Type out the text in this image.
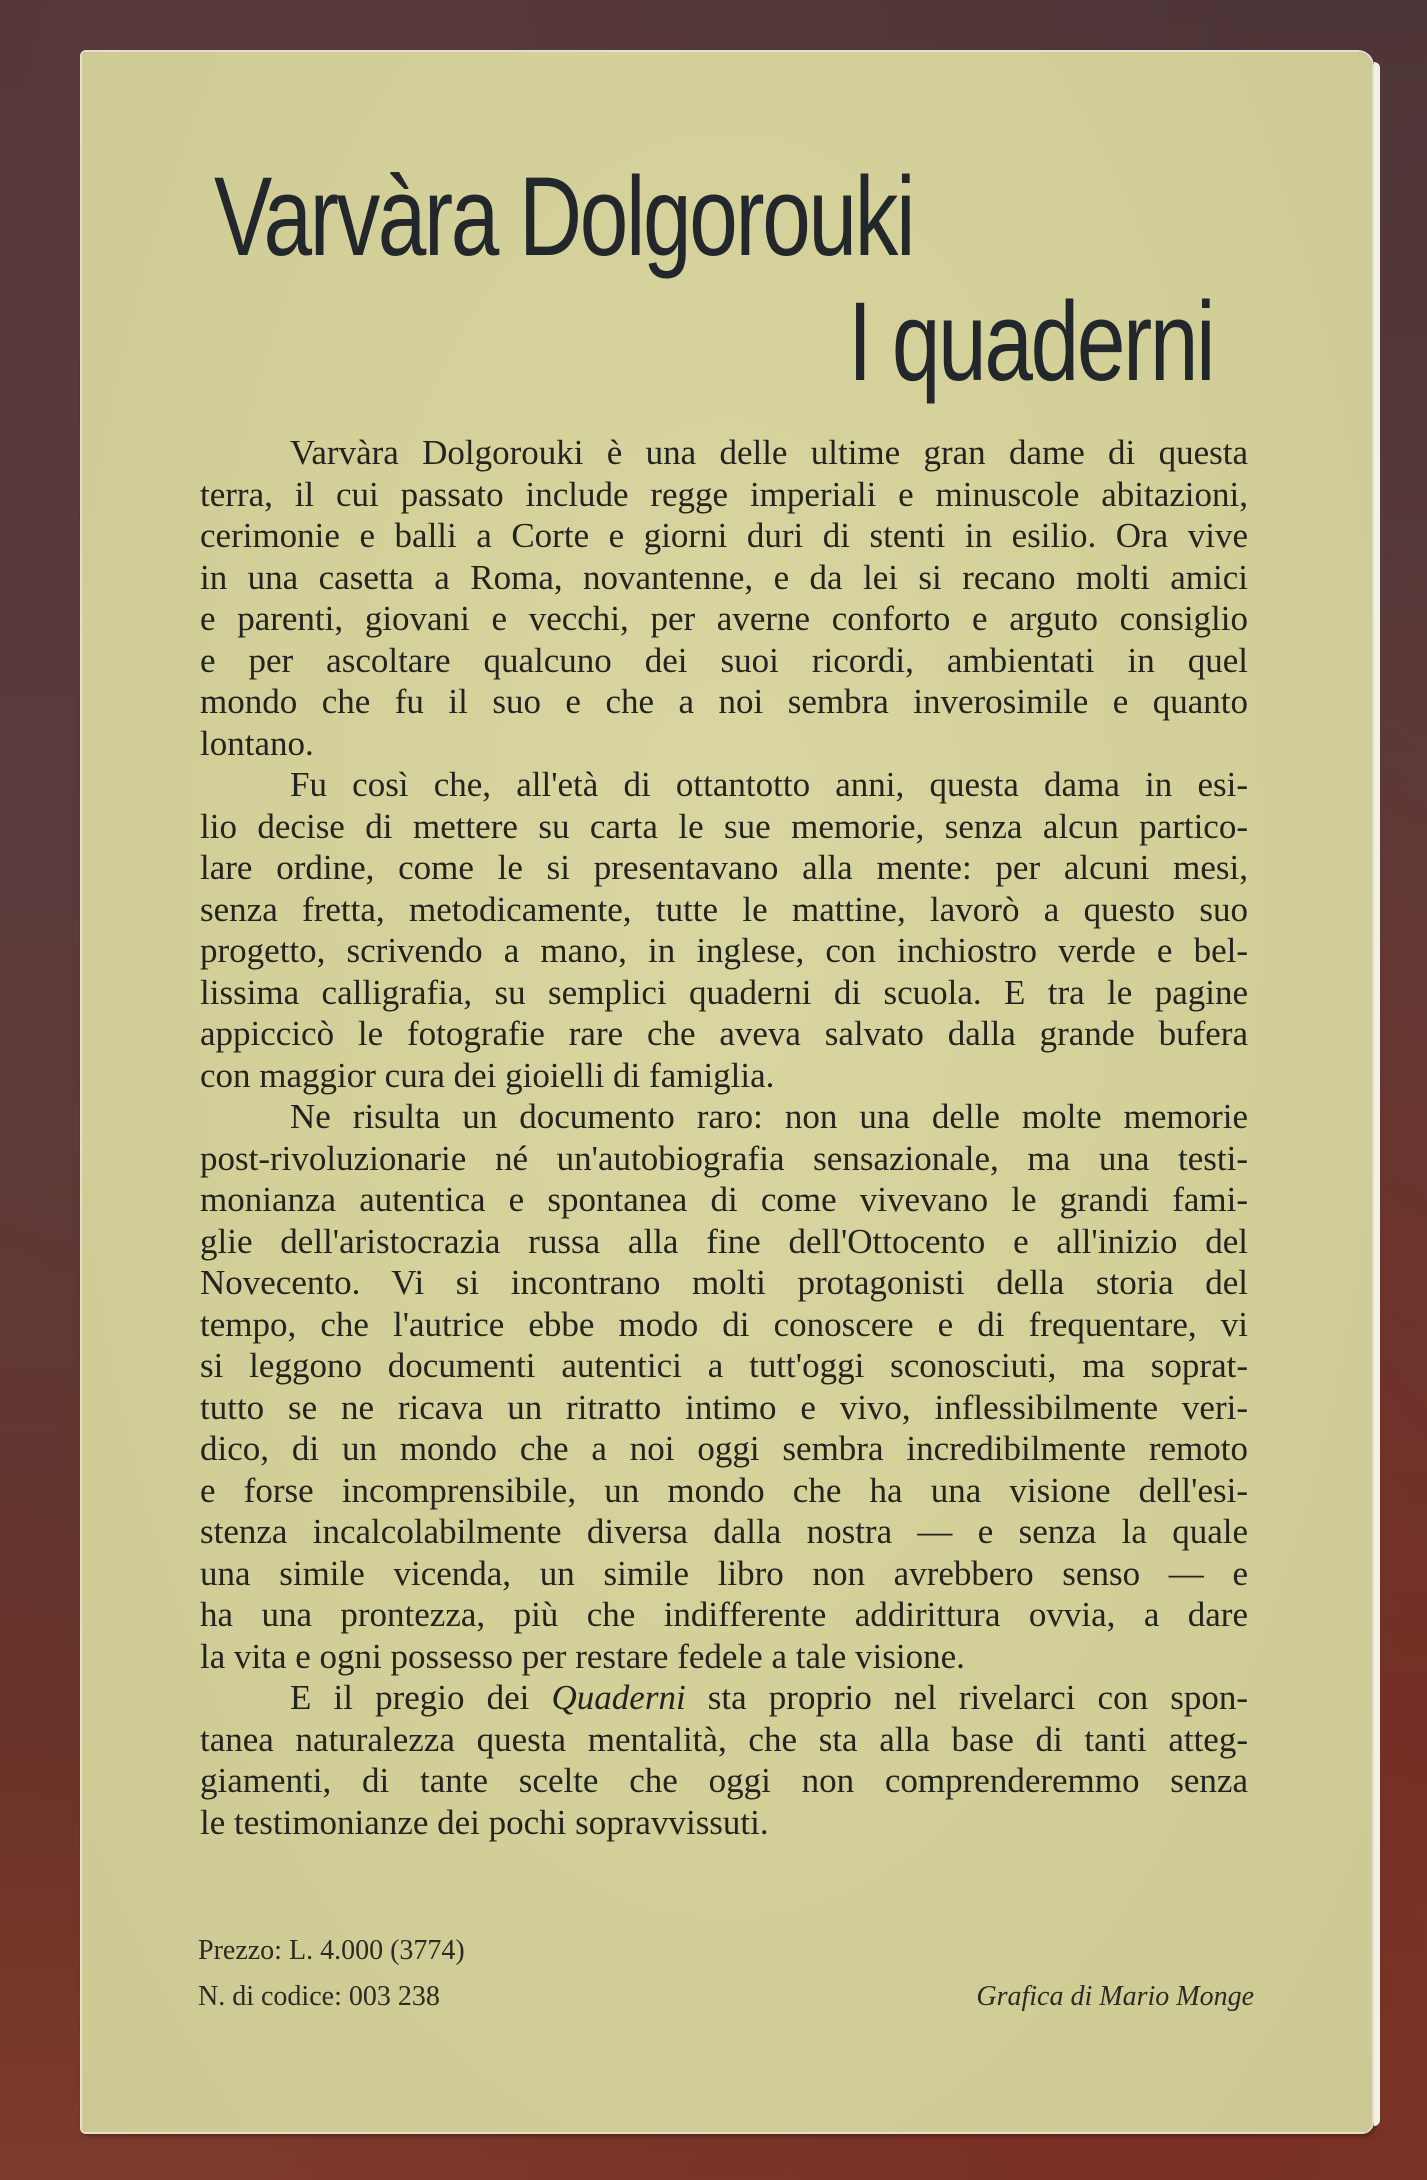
Varvàra Dolgorouki
I quaderni
Varvàra Dolgorouki è una delle ultime gran dame di questa
terra, il cui passato include regge imperiali e minuscole abitazioni,
cerimonie e balli a Corte e giorni duri di stenti in esilio. Ora vive
in una casetta a Roma, novantenne, e da lei si recano molti amici
e parenti, giovani e vecchi, per averne conforto e arguto consiglio
e per ascoltare qualcuno dei suoi ricordi, ambientati in quel
mondo che fu il suo e che a noi sembra inverosimile e quanto
lontano.
Fu così che, all'età di ottantotto anni, questa dama in esi-
lio decise di mettere su carta le sue memorie, senza alcun partico-
lare ordine, come le si presentavano alla mente: per alcuni mesi,
senza fretta, metodicamente, tutte le mattine, lavorò a questo suo
progetto, scrivendo a mano, in inglese, con inchiostro verde e bel-
lissima calligrafia, su semplici quaderni di scuola. E tra le pagine
appiccicò le fotografie rare che aveva salvato dalla grande bufera
con maggior cura dei gioielli di famiglia.
Ne risulta un documento raro: non una delle molte memorie
post-rivoluzionarie né un'autobiografia sensazionale, ma una testi-
monianza autentica e spontanea di come vivevano le grandi fami-
glie dell'aristocrazia russa alla fine dell'Ottocento e all'inizio del
Novecento. Vi si incontrano molti protagonisti della storia del
tempo, che l'autrice ebbe modo di conoscere e di frequentare, vi
si leggono documenti autentici a tutt'oggi sconosciuti, ma soprat-
tutto se ne ricava un ritratto intimo e vivo, inflessibilmente veri-
dico, di un mondo che a noi oggi sembra incredibilmente remoto
e forse incomprensibile, un mondo che ha una visione dell'esi-
stenza incalcolabilmente diversa dalla nostra — e senza la quale
una simile vicenda, un simile libro non avrebbero senso — e
ha una prontezza, più che indifferente addirittura ovvia, a dare
la vita e ogni possesso per restare fedele a tale visione.
E il pregio dei Quaderni sta proprio nel rivelarci con spon-
tanea naturalezza questa mentalità, che sta alla base di tanti atteg-
giamenti, di tante scelte che oggi non comprenderemmo senza
le testimonianze dei pochi sopravvissuti.
Prezzo: L. 4.000 (3774)
N. di codice: 003 238	Grafica di Mario Monge
